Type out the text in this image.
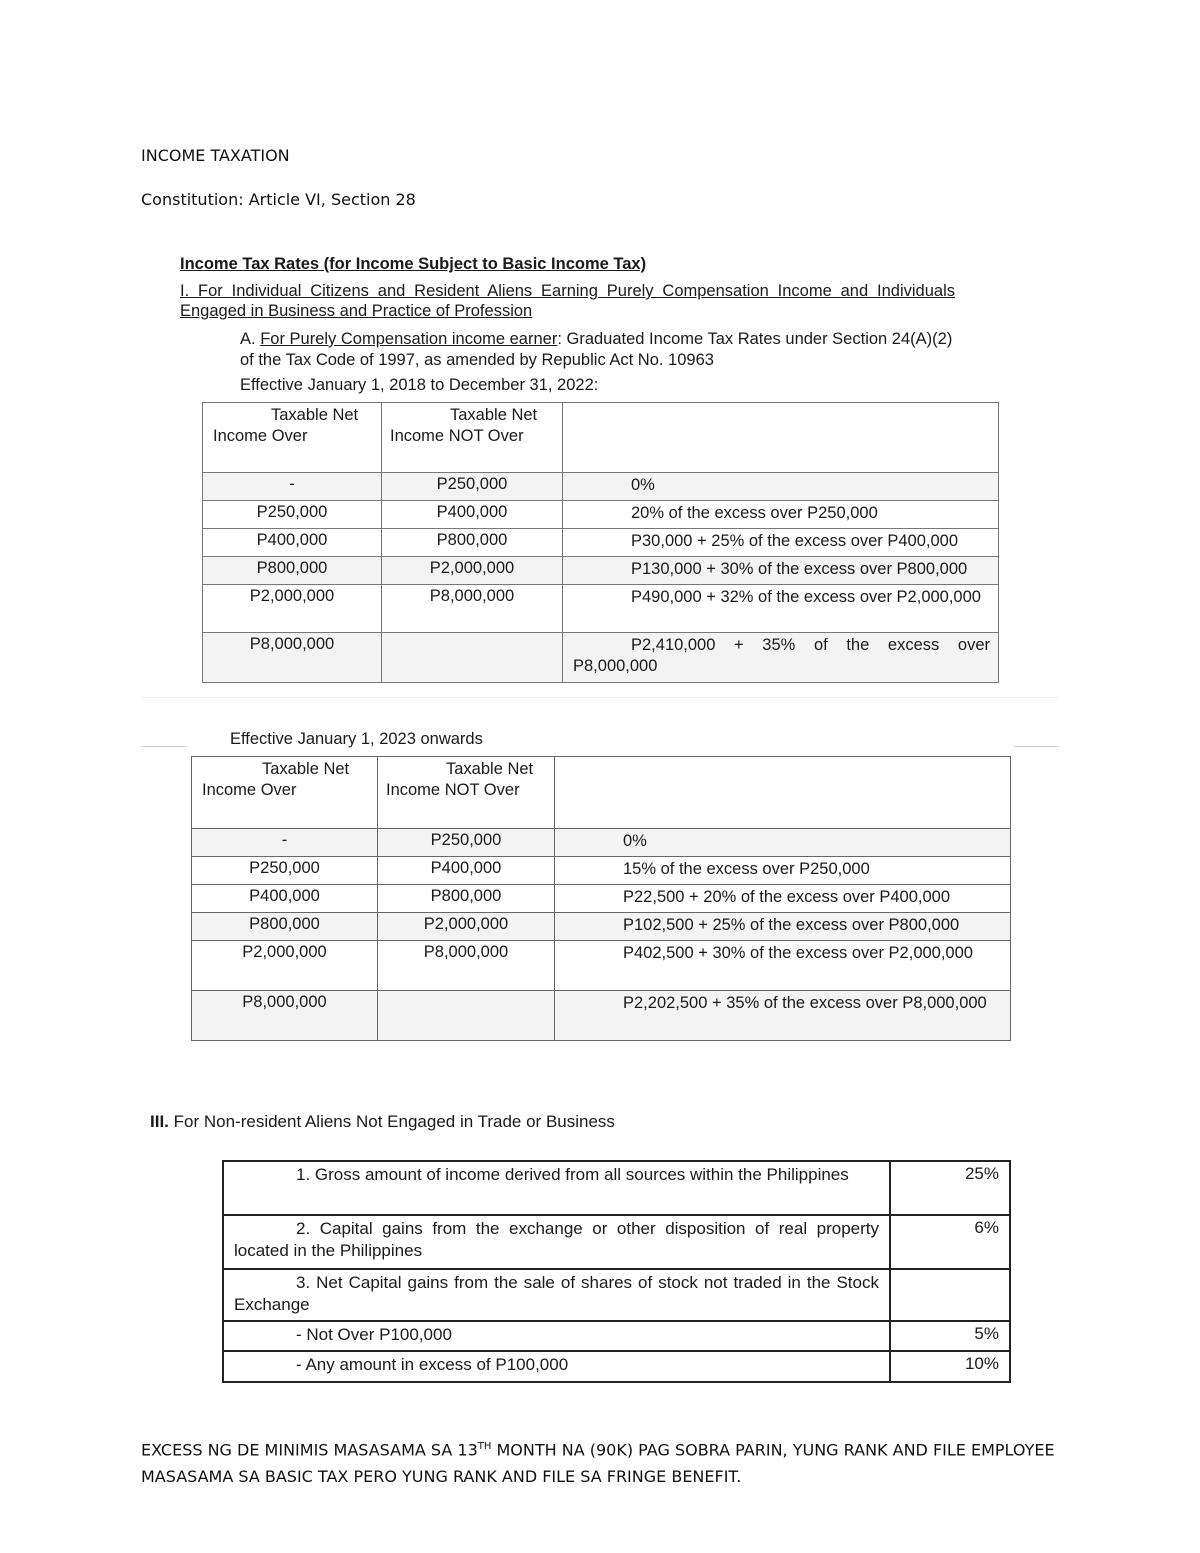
INCOME TAXATION
Constitution: Article VI, Section 28
Income Tax Rates (for Income Subject to Basic Income Tax)
I. For Individual Citizens and Resident Aliens Earning Purely Compensation Income and Individuals Engaged in Business and Practice of Profession
A. For Purely Compensation income earner: Graduated Income Tax Rates under Section 24(A)(2) of the Tax Code of 1997, as amended by Republic Act No. 10963
Effective January 1, 2018 to December 31, 2022:
Taxable Net Income Over	Taxable Net Income NOT Over	

-	P250,000	0%
P250,000	P400,000	20% of the excess over P250,000
P400,000	P800,000	P30,000 + 25% of the excess over P400,000
P800,000	P2,000,000	P130,000 + 30% of the excess over P800,000
P2,000,000	P8,000,000	P490,000 + 32% of the excess over P2,000,000
P8,000,000		P2,410,000 + 35% of the excess over P8,000,000
Effective January 1, 2023 onwards
Taxable Net Income Over	Taxable Net Income NOT Over	

-	P250,000	0%
P250,000	P400,000	15% of the excess over P250,000
P400,000	P800,000	P22,500 + 20% of the excess over P400,000
P800,000	P2,000,000	P102,500 + 25% of the excess over P800,000
P2,000,000	P8,000,000	P402,500 + 30% of the excess over P2,000,000
P8,000,000		P2,202,500 + 35% of the excess over P8,000,000
III. For Non-resident Aliens Not Engaged in Trade or Business
1. Gross amount of income derived from all sources within the Philippines	25%
2. Capital gains from the exchange or other disposition of real property located in the Philippines	6%
3. Net Capital gains from the sale of shares of stock not traded in the Stock Exchange	
- Not Over P100,000	5%
- Any amount in excess of P100,000	10%
EXCESS NG DE MINIMIS MASASAMA SA 13TH MONTH NA (90K) PAG SOBRA PARIN, YUNG RANK AND FILE EMPLOYEE MASASAMA SA BASIC TAX PERO YUNG RANK AND FILE SA FRINGE BENEFIT.
